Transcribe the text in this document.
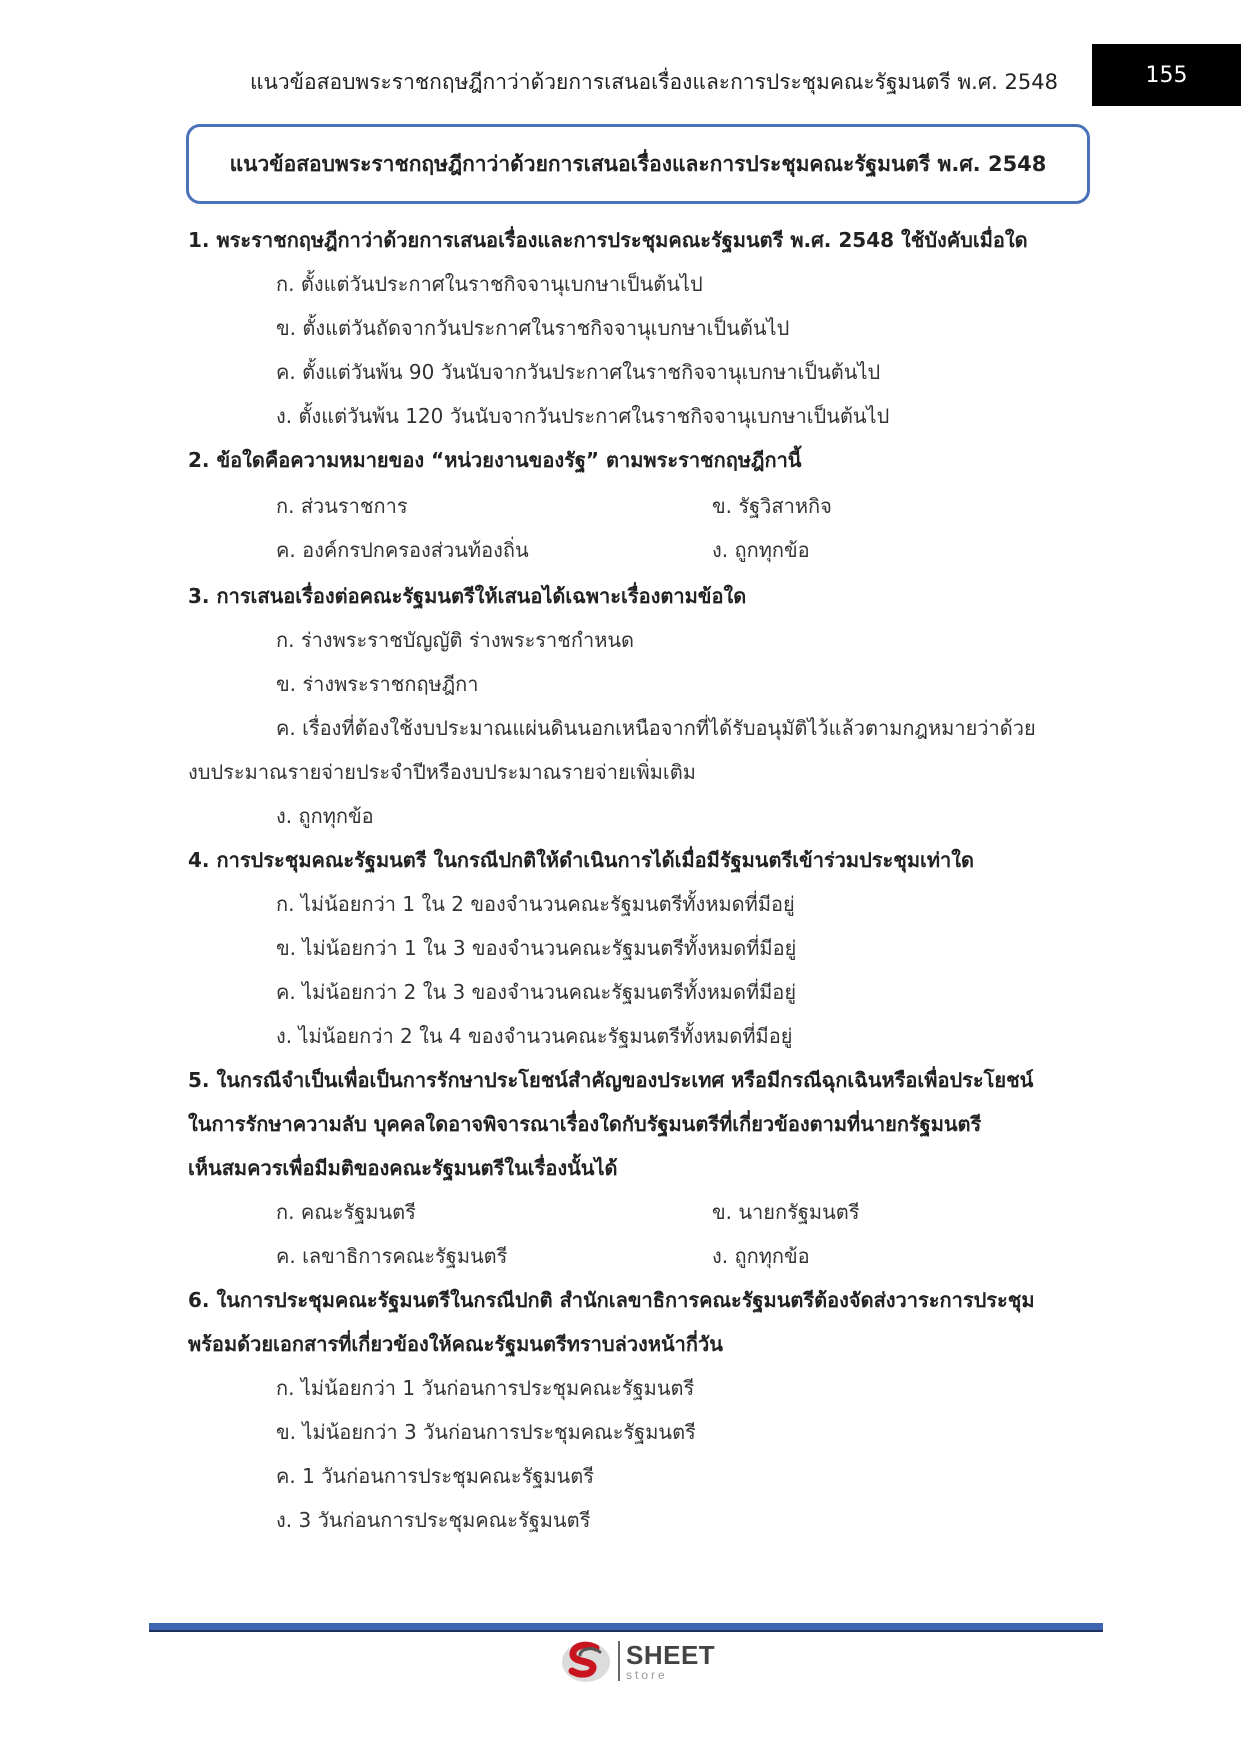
แนวข้อสอบพระราชกฤษฎีกาว่าด้วยการเสนอเรื่องและการประชุมคณะรัฐมนตรี พ.ศ. 2548	155
แนวข้อสอบพระราชกฤษฎีกาว่าด้วยการเสนอเรื่องและการประชุมคณะรัฐมนตรี พ.ศ. 2548
1. พระราชกฤษฎีกาว่าด้วยการเสนอเรื่องและการประชุมคณะรัฐมนตรี พ.ศ. 2548 ใช้บังคับเมื่อใด
ก. ตั้งแต่วันประกาศในราชกิจจานุเบกษาเป็นต้นไป
ข. ตั้งแต่วันถัดจากวันประกาศในราชกิจจานุเบกษาเป็นต้นไป
ค. ตั้งแต่วันพ้น 90 วันนับจากวันประกาศในราชกิจจานุเบกษาเป็นต้นไป
ง. ตั้งแต่วันพ้น 120 วันนับจากวันประกาศในราชกิจจานุเบกษาเป็นต้นไป
2. ข้อใดคือความหมายของ “หน่วยงานของรัฐ” ตามพระราชกฤษฎีกานี้
ก. ส่วนราชการ	ข. รัฐวิสาหกิจ
ค. องค์กรปกครองส่วนท้องถิ่น	ง. ถูกทุกข้อ
3. การเสนอเรื่องต่อคณะรัฐมนตรีให้เสนอได้เฉพาะเรื่องตามข้อใด
ก. ร่างพระราชบัญญัติ ร่างพระราชกำหนด
ข. ร่างพระราชกฤษฎีกา
ค. เรื่องที่ต้องใช้งบประมาณแผ่นดินนอกเหนือจากที่ได้รับอนุมัติไว้แล้วตามกฎหมายว่าด้วย
งบประมาณรายจ่ายประจำปีหรืองบประมาณรายจ่ายเพิ่มเติม
ง. ถูกทุกข้อ
4. การประชุมคณะรัฐมนตรี ในกรณีปกติให้ดำเนินการได้เมื่อมีรัฐมนตรีเข้าร่วมประชุมเท่าใด
ก. ไม่น้อยกว่า 1 ใน 2 ของจำนวนคณะรัฐมนตรีทั้งหมดที่มีอยู่
ข. ไม่น้อยกว่า 1 ใน 3 ของจำนวนคณะรัฐมนตรีทั้งหมดที่มีอยู่
ค. ไม่น้อยกว่า 2 ใน 3 ของจำนวนคณะรัฐมนตรีทั้งหมดที่มีอยู่
ง. ไม่น้อยกว่า 2 ใน 4 ของจำนวนคณะรัฐมนตรีทั้งหมดที่มีอยู่
5. ในกรณีจำเป็นเพื่อเป็นการรักษาประโยชน์สำคัญของประเทศ หรือมีกรณีฉุกเฉินหรือเพื่อประโยชน์
ในการรักษาความลับ บุคคลใดอาจพิจารณาเรื่องใดกับรัฐมนตรีที่เกี่ยวข้องตามที่นายกรัฐมนตรี
เห็นสมควรเพื่อมีมติของคณะรัฐมนตรีในเรื่องนั้นได้
ก. คณะรัฐมนตรี	ข. นายกรัฐมนตรี
ค. เลขาธิการคณะรัฐมนตรี	ง. ถูกทุกข้อ
6. ในการประชุมคณะรัฐมนตรีในกรณีปกติ สำนักเลขาธิการคณะรัฐมนตรีต้องจัดส่งวาระการประชุม
พร้อมด้วยเอกสารที่เกี่ยวข้องให้คณะรัฐมนตรีทราบล่วงหน้ากี่วัน
ก. ไม่น้อยกว่า 1 วันก่อนการประชุมคณะรัฐมนตรี
ข. ไม่น้อยกว่า 3 วันก่อนการประชุมคณะรัฐมนตรี
ค. 1 วันก่อนการประชุมคณะรัฐมนตรี
ง. 3 วันก่อนการประชุมคณะรัฐมนตรี
SHEET
store
